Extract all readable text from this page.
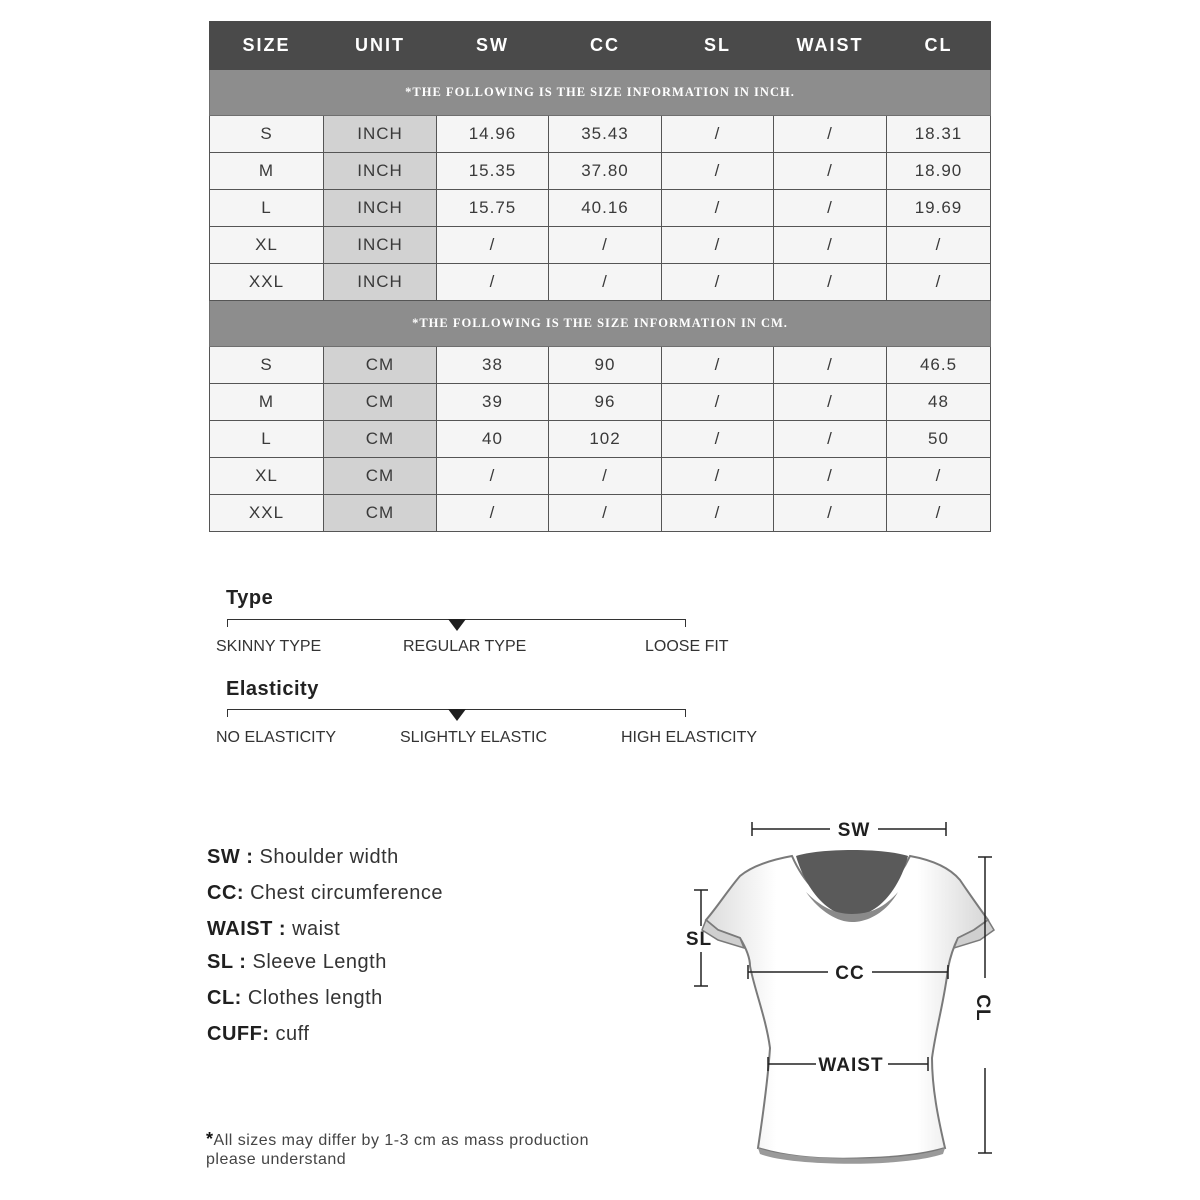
SIZE	UNIT	SW	CC	SL	WAIST	CL
*THE FOLLOWING IS THE SIZE INFORMATION IN INCH.						
S	INCH	14.96	35.43	/	/	18.31
M	INCH	15.35	37.80	/	/	18.90
L	INCH	15.75	40.16	/	/	19.69
XL	INCH	/	/	/	/	/
XXL	INCH	/	/	/	/	/
*THE FOLLOWING IS THE SIZE INFORMATION IN CM.						
S	CM	38	90	/	/	46.5
M	CM	39	96	/	/	48
L	CM	40	102	/	/	50
XL	CM	/	/	/	/	/
XXL	CM	/	/	/	/	/
Type
SKINNY TYPE	REGULAR TYPE	LOOSE FIT
Elasticity
NO ELASTICITY	SLIGHTLY ELASTIC	HIGH ELASTICITY
SW : Shoulder width
CC: Chest circumference
WAIST : waist
SL : Sleeve Length
CL: Clothes length
CUFF: cuff
*All sizes may differ by 1-3 cm as mass production
please understand
SW
SL
CC
WAIST
CL
